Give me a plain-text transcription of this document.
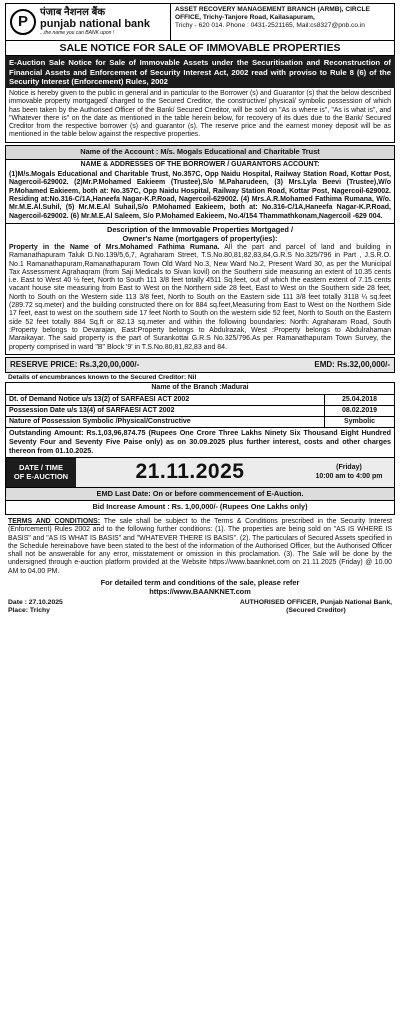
P
पंजाब नैशनल बैंक
punjab national bank
...the name you can BANK upon !
ASSET RECOVERY MANAGEMENT BRANCH (ARMB), CIRCLE OFFICE, Trichy-Tanjore Road, Kailasapuram,
Trichy - 620 014. Phone : 0431-2521165, Mail:cs8327@pnb.co.in
SALE NOTICE FOR SALE OF IMMOVABLE PROPERTIES
E-Auction Sale Notice for Sale of Immovable Assets under the Securitisation and Reconstruction of Financial Assets and Enforcement of Security Interest Act, 2002 read with proviso to Rule 8 (6) of the Security Interest (Enforcement) Rules, 2002
Notice is hereby given to the public in general and in particular to the Borrower (s) and Guarantor (s) that the below described immovable property mortgaged/ charged to the Secured Creditor, the constructive/ physical/ symbolic possession of which has been taken by the Authorised Officer of the Bank/ Secured Creditor, will be sold on "As is where is", "As is what is", and "Whatever there is" on the date as mentioned in the table herein below, for recovery of its dues due to the Bank/ Secured Creditor from the respective borrower (s) and guarantor (s). The reserve price and the earnest money deposit will be as mentioned in the table below against the respective properties.
Name of the Account : M/s. Mogals Educational and Charitable Trust
NAME & ADDRESSES OF THE BORROWER / GUARANTORS ACCOUNT:
(1)M/s.Mogals Educational and Charitable Trust, No.357C, Opp Naidu Hospital, Railway Station Road, Kottar Post, Nagercoil-629002. (2)Mr.P.Mohamed Eakieem (Trustee),S/o M.Paharudeen, (3) Mrs.Lyla Beevi (Trustee),W/o P.Mohamed Eakieem, both at: No.357C, Opp Naidu Hospital, Railway Station Road, Kottar Post, Nagercoil-629002. Residing at:No.316-C/1A,Haneefa Nagar-K.P.Road, Nagercoil-629002. (4) Mrs.A.R.Mohamed Fathima Rumana, W/o. Mr.M.E.Al.Suhil, (5) Mr.M.E.Al Suhail,S/o P.Mohamed Eakieem, both at: No.316-C/1A,Haneefa Nagar-K.P.Road, Nagercoil-629002. (6) Mr.M.E.Al Saleem, S/o P.Mohamed Eakieem, No.4/154 Thammathkonam,Nagercoil -629 004.
Description of the Immovable Properties Mortgaged /
Owner's Name (mortgagers of property(ies):
Property in the Name of Mrs.Mohamed Fathima Rumana. All the part and parcel of land and building in Ramanathapuram Taluk D.No.139/5,6,7, Agraharam Street, T.S.No.80,81,82,83,84,G.R.S No.325/796 in Part , J.S.R.O. No.1 Ramanathapuram,Ramanathapuram Town Old Ward No.3, New Ward No.2, Present Ward 30, as per the Municipal Tax Assessment Agrahaqram (from Saji Medicals to Sivan kovil) on the Southern side measuring an extent of 10.35 cents i.e. East to West 40 ½ feet, North to South 111 3/8 feet totally 4511 Sq.feet, out of which the eastern extent of 7.15 cents vacant house site measuring from East to West on the Northern side 28 feet, East to West on the Southern side 28 feet, North to South on the Western side 113 3/8 feet, North to South on the Eastern side 111 3/8 feet totally 3118 ¼ sq.feet (289.72 sq.meter) and the building constructed there on for 884 sq.feet,Measuring from East to West on the Northern Side 17 feet, east to west on the southern side 17 feet North to South on the western side 52 feet, North to South on the Eastern side 52 feet totally 884 Sq.ft or 82.13 sq.meter and within the following boundaries: North: Agraharam Road, South :Property belongs to Devarajan, East:Property belongs to Abdulrazak, West :Property belongs to Abdulrahaman Maraikayar. The said property is the part of Surankottai G.R.S No.325/796.As per Ramanathapuram Town Survey, the property comprised in ward "B" Block '9' in T.S.No.80,81,82,83 and 84.
RESERVE PRICE: Rs.3,20,00,000/-	EMD: Rs.32,00,000/-
Details of encumbrances known to the Secured Creditor: Nil
Name of the Branch :Madurai	
Dt. of Demand Notice u/s 13(2) of SARFAESI ACT 2002	25.04.2018
Possession Date u/s 13(4) of SARFAESI ACT 2002	08.02.2019
Nature of Possession Symbolic /Physical/Constructive	Symbolic
Outstanding Amount: Rs.1,03,96,874.75 (Rupees One Crore Three Lakhs Ninety Six Thousand Eight Hundred Seventy Four and Seventy Five Paise only) as on 30.09.2025 plus further interest, costs and other charges thereon from 01.10.2025.
DATE / TIME
OF E-AUCTION	21.11.2025	(Friday)
10:00 am to 4:00 pm
EMD Last Date: On or before commencement of E-Auction.
Bid Increase Amount : Rs. 1,00,000/- (Rupees One Lakhs only)
TERMS AND CONDITIONS: The sale shall be subject to the Terms & Conditions prescribed in the Security Interest (Enforcement) Rules 2002 and to the following further conditions: (1). The properties are being sold on "AS IS WHERE IS BASIS" and "AS IS WHAT IS BASIS" and "WHATEVER THERE IS BASIS". (2). The particulars of Secured Assets specified in the Schedule hereinabove have been stated to the best of the information of the Authorised Officer, but the Authorised Officer shall not be answerable for any error, misstatement or omission in this proclamation. (3). The Sale will be done by the undersigned through e-auction platform provided at the Website https://www.baanknet.com on 21.11.2025 (Friday) @ 10.00 AM to 04.00 PM.
For detailed term and conditions of the sale, please refer
https://www.BAANKNET.com
Date : 27.10.2025
Place: Trichy
AUTHORISED OFFICER, Punjab National Bank,
(Secured Creditor)
